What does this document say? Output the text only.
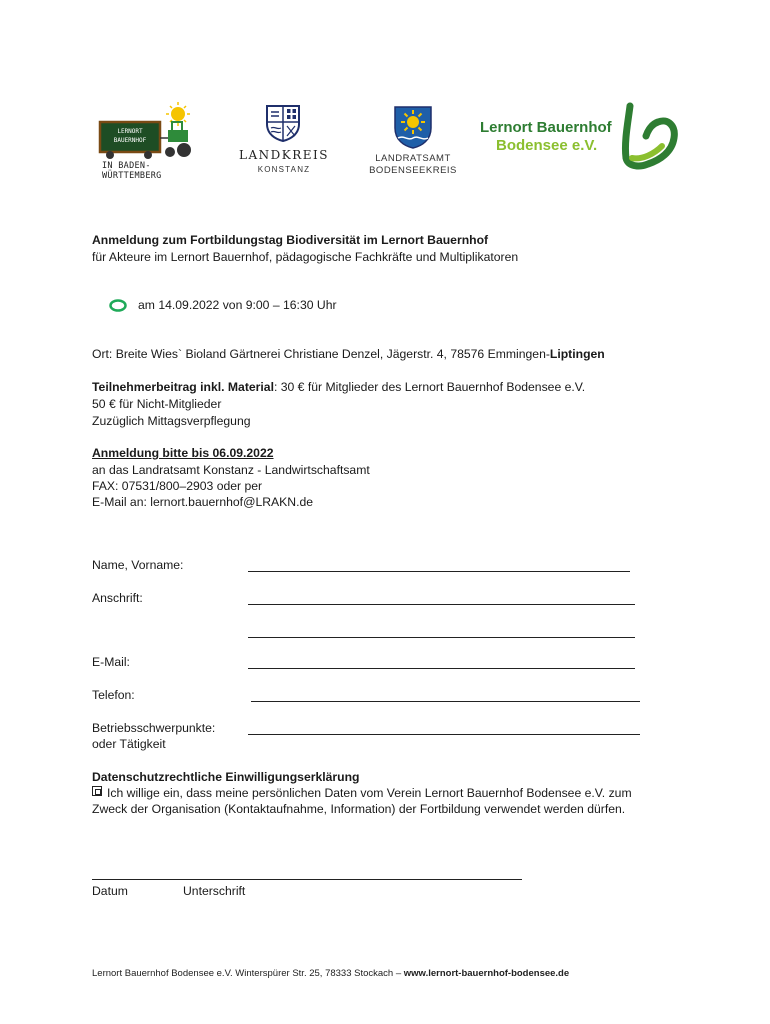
LERNORT
BAUERNHOF
IN BADEN-WÜRTTEMBERG
LANDKREIS
KONSTANZ
LANDRATSAMT
BODENSEEKREIS
Lernort Bauernhof
Bodensee e.V.
Anmeldung zum Fortbildungstag Biodiversität im Lernort Bauernhof
für Akteure im Lernort Bauernhof, pädagogische Fachkräfte und Multiplikatoren
am 14.09.2022 von 9:00 – 16:30 Uhr
Ort: Breite Wies` Bioland Gärtnerei Christiane Denzel, Jägerstr. 4, 78576 Emmingen-Liptingen
Teilnehmerbeitrag inkl. Material: 30 € für Mitglieder des Lernort Bauernhof Bodensee e.V.
50 € für Nicht-Mitglieder
Zuzüglich Mittagsverpflegung
Anmeldung bitte bis 06.09.2022
an das Landratsamt Konstanz - Landwirtschaftsamt
FAX: 07531/800–2903 oder per
E-Mail an: lernort.bauernhof@LRAKN.de
Name, Vorname:
Anschrift:
E-Mail:
Telefon:
Betriebsschwerpunkte:
oder Tätigkeit
Datenschutzrechtliche Einwilligungserklärung
Ich willige ein, dass meine persönlichen Daten vom Verein Lernort Bauernhof Bodensee e.V. zum
Zweck der Organisation (Kontaktaufnahme, Information) der Fortbildung verwendet werden dürfen.
Datum	Unterschrift
Lernort Bauernhof Bodensee e.V. Winterspürer Str. 25, 78333 Stockach – www.lernort-bauernhof-bodensee.de
